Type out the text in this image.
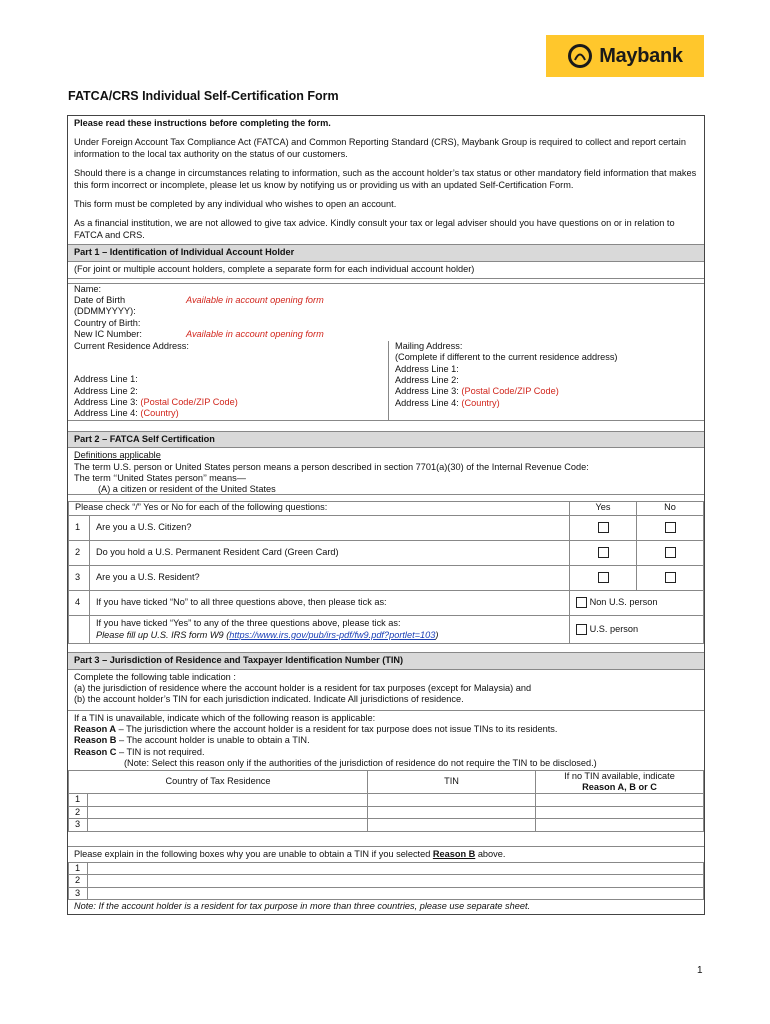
Maybank
FATCA/CRS Individual Self-Certification Form

Please read these instructions before completing the form.

Under Foreign Account Tax Compliance Act (FATCA) and Common Reporting Standard (CRS), Maybank Group is required to collect and report certain information to the local tax authority on the status of our customers.

Should there is a change in circumstances relating to information, such as the account holder’s tax status or other mandatory field information that makes this form incorrect or incomplete, please let us know by notifying us or providing us with an updated Self-Certification Form.

This form must be completed by any individual who wishes to open an account.

As a financial institution, we are not allowed to give tax advice. Kindly consult your tax or legal adviser should you have questions on or in relation to FATCA and CRS.

Part 1 – Identification of Individual Account Holder
(For joint or multiple account holders, complete a separate form for each individual account holder)
Name:	
Date of Birth	Available in account opening form
(DDMMYYYY):	
Country of Birth:	
New IC Number:	Available in account opening form
Current Residence Address:
Address Line 1:
Address Line 2:
Address Line 3: (Postal Code/ZIP Code)
Address Line 4: (Country)

Mailing Address:
(Complete if different to the current residence address)
Address Line 1:
Address Line 2:
Address Line 3: (Postal Code/ZIP Code)
Address Line 4: (Country)
Part 2 – FATCA Self Certification

Definitions applicable

The term U.S. person or United States person means a person described in section 7701(a)(30) of the Internal Revenue Code:

The term ‘‘United States person’’ means—

(A) a citizen or resident of the United States

Please check “/” Yes or No for each of the following questions:		Yes	No
1	Are you a U.S. Citizen?		
2	Do you hold a U.S. Permanent Resident Card (Green Card)		
3	Are you a U.S. Resident?		
4	If you have ticked “No” to all three questions above, then please tick as:	Non U.S. person	

	If you have ticked “Yes” to any of the three questions above, please tick as:
Please fill up U.S. IRS form W9 (https://www.irs.gov/pub/irs-pdf/fw9.pdf?portlet=103)	U.S. person	
Part 3 – Jurisdiction of Residence and Taxpayer Identification Number (TIN)

Complete the following table indication :

(a) the jurisdiction of residence where the account holder is a resident for tax purposes (except for Malaysia) and

(b) the account holder’s TIN for each jurisdiction indicated. Indicate All jurisdictions of residence.

If a TIN is unavailable, indicate which of the following reason is applicable:

Reason A – The jurisdiction where the account holder is a resident for tax purpose does not issue TINs to its residents.

Reason B – The account holder is unable to obtain a TIN.

Reason C – TIN is not required.

(Note: Select this reason only if the authorities of the jurisdiction of residence do not require the TIN to be disclosed.)

Country of Tax Residence		TIN	If no TIN available, indicate
Reason A, B or C

1			
2			
3			
Please explain in the following boxes why you are unable to obtain a TIN if you selected Reason B above.
1	
2	
3	
Note: If the account holder is a resident for tax purpose in more than three countries, please use separate sheet.
1
